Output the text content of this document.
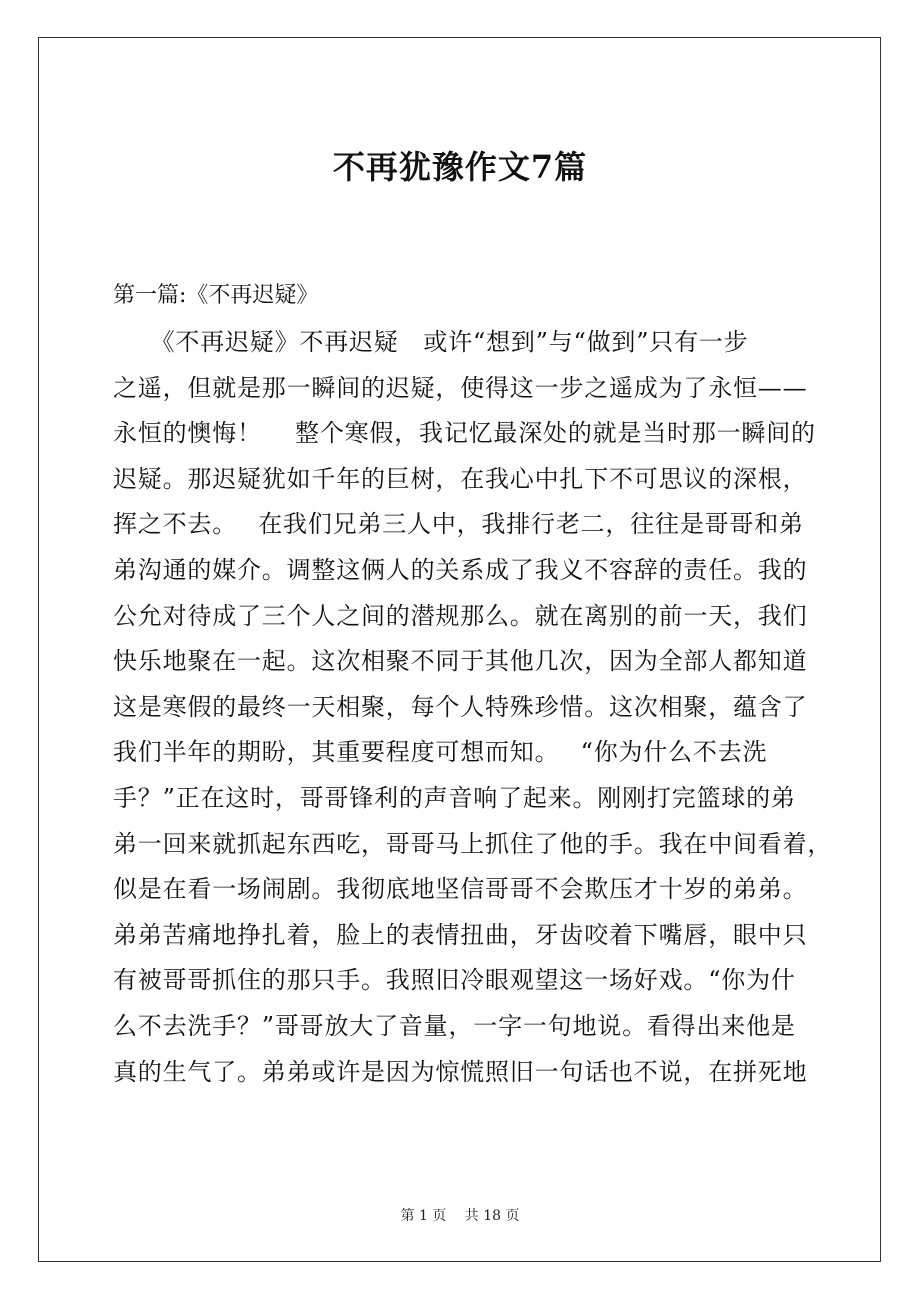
不再犹豫作文7篇

第一篇:《不再迟疑》

　　《不再迟疑》不再迟疑　或许“想到”与“做到”只有一步
之遥，但就是那一瞬间的迟疑，使得这一步之遥成为了永恒——
永恒的懊悔！　 整个寒假，我记忆最深处的就是当时那一瞬间的
迟疑。那迟疑犹如千年的巨树，在我心中扎下不可思议的深根，
挥之不去。　 在我们兄弟三人中，我排行老二，往往是哥哥和弟
弟沟通的媒介。调整这俩人的关系成了我义不容辞的责任。我的
公允对待成了三个人之间的潜规那么。就在离别的前一天，我们
快乐地聚在一起。这次相聚不同于其他几次，因为全部人都知道
这是寒假的最终一天相聚，每个人特殊珍惜。这次相聚，蕴含了
我们半年的期盼，其重要程度可想而知。　 “你为什么不去洗
手？”正在这时，哥哥锋利的声音响了起来。刚刚打完篮球的弟
弟一回来就抓起东西吃，哥哥马上抓住了他的手。我在中间看着，
似是在看一场闹剧。我彻底地坚信哥哥不会欺压才十岁的弟弟。
弟弟苦痛地挣扎着，脸上的表情扭曲，牙齿咬着下嘴唇，眼中只
有被哥哥抓住的那只手。我照旧冷眼观望这一场好戏。“你为什
么不去洗手？”哥哥放大了音量，一字一句地说。看得出来他是
真的生气了。弟弟或许是因为惊慌照旧一句话也不说，在拼死地
第 1 页　 共 18 页
